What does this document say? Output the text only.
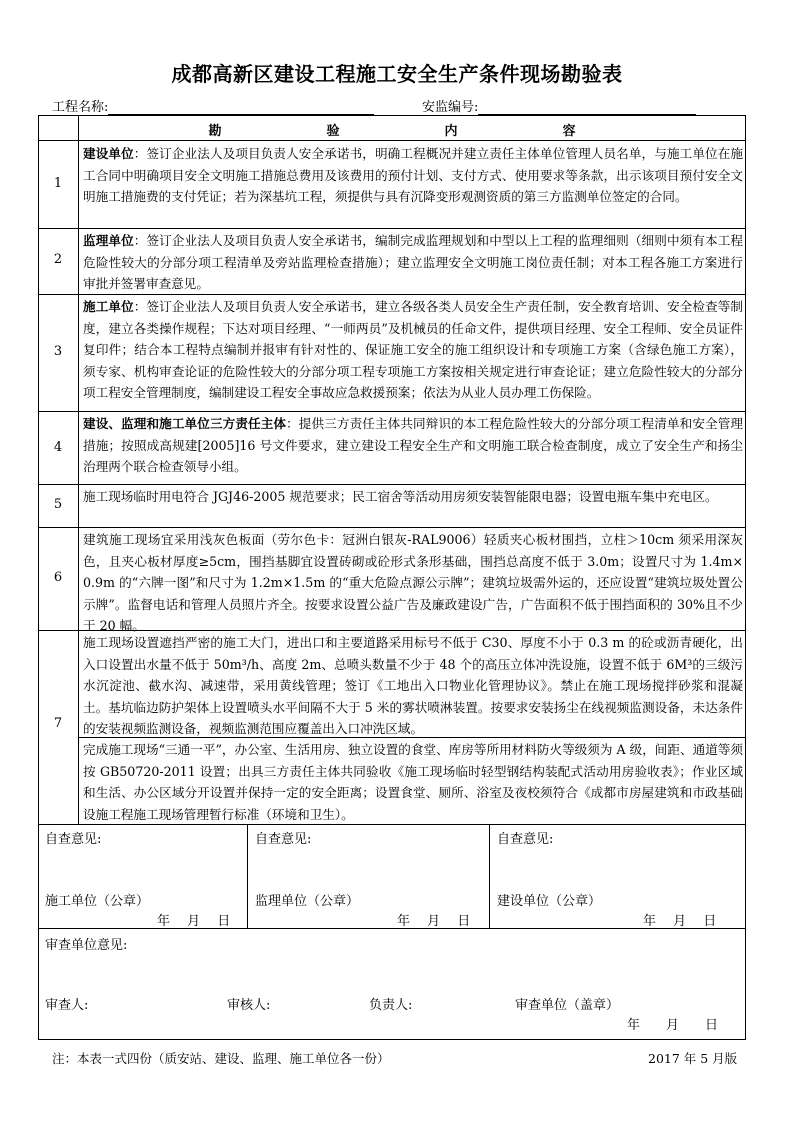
成都高新区建设工程施工安全生产条件现场勘验表
工程名称:	安监编号:
勘	验	内	容
1
建设单位：签订企业法人及项目负责人安全承诺书，明确工程概况并建立责任主体单位管理人员名单，与施工单位在施工合同中明确项目安全文明施工措施总费用及该费用的预付计划、支付方式、使用要求等条款，出示该项目预付安全文明施工措施费的支付凭证；若为深基坑工程，须提供与具有沉降变形观测资质的第三方监测单位签定的合同。
2
监理单位：签订企业法人及项目负责人安全承诺书，编制完成监理规划和中型以上工程的监理细则（细则中须有本工程危险性较大的分部分项工程清单及旁站监理检查措施）；建立监理安全文明施工岗位责任制；对本工程各施工方案进行审批并签署审查意见。
3
施工单位：签订企业法人及项目负责人安全承诺书，建立各级各类人员安全生产责任制，安全教育培训、安全检查等制度，建立各类操作规程；下达对项目经理、“一师两员”及机械员的任命文件，提供项目经理、安全工程师、安全员证件复印件；结合本工程特点编制并报审有针对性的、保证施工安全的施工组织设计和专项施工方案（含绿色施工方案），须专家、机构审查论证的危险性较大的分部分项工程专项施工方案按相关规定进行审查论证；建立危险性较大的分部分项工程安全管理制度，编制建设工程安全事故应急救援预案；依法为从业人员办理工伤保险。
4
建设、监理和施工单位三方责任主体：提供三方责任主体共同辩识的本工程危险性较大的分部分项工程清单和安全管理措施；按照成高规建[2005]16 号文件要求，建立建设工程安全生产和文明施工联合检查制度，成立了安全生产和扬尘治理两个联合检查领导小组。
5
施工现场临时用电符合 JGJ46-2005 规范要求；民工宿舍等活动用房须安装智能限电器；设置电瓶车集中充电区。
6
建筑施工现场宜采用浅灰色板面（劳尔色卡：冠洲白银灰-RAL9006）轻质夹心板材围挡，立柱＞10cm 须采用深灰色，且夹心板材厚度≥5cm，围挡基脚宜设置砖砌或砼形式条形基础，围挡总高度不低于 3.0m；设置尺寸为 1.4m×0.9m 的“六牌一图”和尺寸为 1.2m×1.5m 的“重大危险点源公示牌”；建筑垃圾需外运的，还应设置“建筑垃圾处置公示牌”。监督电话和管理人员照片齐全。按要求设置公益广告及廉政建设广告，广告面积不低于围挡面积的 30%且不少于 20 幅。
7
施工现场设置遮挡严密的施工大门，进出口和主要道路采用标号不低于 C30、厚度不小于 0.3 m 的砼或沥青硬化，出入口设置出水量不低于 50m³/h、高度 2m、总喷头数量不少于 48 个的高压立体冲洗设施，设置不低于 6M³的三级污水沉淀池、截水沟、减速带，采用黄线管理；签订《工地出入口物业化管理协议》。禁止在施工现场搅拌砂浆和混凝土。基坑临边防护架体上设置喷头水平间隔不大于 5 米的雾状喷淋装置。按要求安装扬尘在线视频监测设备，未达条件的安装视频监测设备，视频监测范围应覆盖出入口冲洗区域。
完成施工现场“三通一平”，办公室、生活用房、独立设置的食堂、库房等所用材料防火等级须为 A 级，间距、通道等须按 GB50720-2011 设置；出具三方责任主体共同验收《施工现场临时轻型钢结构装配式活动用房验收表》；作业区域和生活、办公区域分开设置并保持一定的安全距离；设置食堂、厕所、浴室及夜校须符合《成都市房屋建筑和市政基础设施工程施工现场管理暂行标准（环境和卫生）。
自查意见:
施工单位（公章）
年　 月　 日
自查意见:
监理单位（公章）
年　 月　 日
自查意见:
建设单位（公章）
年　 月　 日
审查单位意见:
审查人:	审核人:	负责人:	审查单位（盖章）
年　　月　　日
注：本表一式四份（质安站、建设、监理、施工单位各一份）	2017 年 5 月版
